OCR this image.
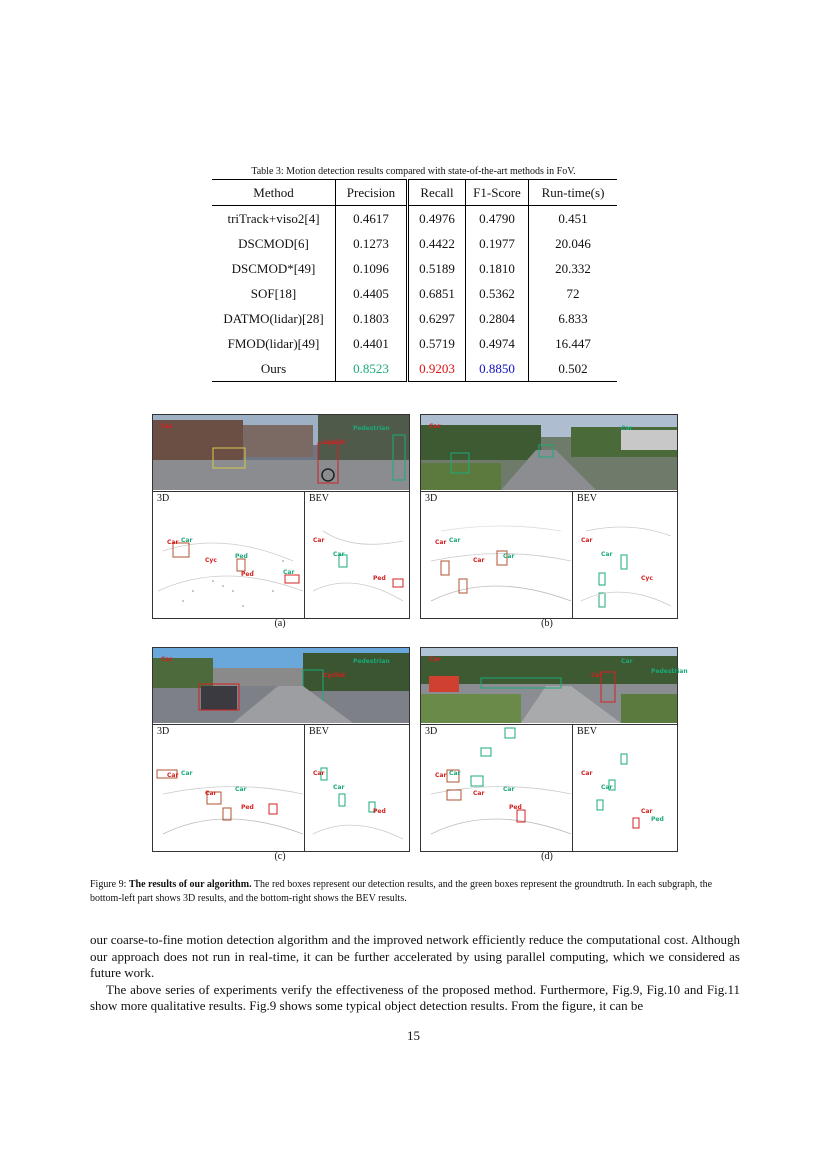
Table 3: Motion detection results compared with state-of-the-art methods in FoV.
Method	Precision	Recall	F1-Score	Run-time(s)
triTrack+viso2[4]	0.4617	0.4976	0.4790	0.451
DSCMOD[6]	0.1273	0.4422	0.1977	20.046
DSCMOD*[49]	0.1096	0.5189	0.1810	20.332
SOF[18]	0.4405	0.6851	0.5362	72
DATMO(lidar)[28]	0.1803	0.6297	0.2804	6.833
FMOD(lidar)[49]	0.4401	0.5719	0.4974	16.447
Ours	0.8523	0.9203	0.8850	0.502
3D	BEV
Car	Pedestrian
Cyclist
Car Car
Cyc
Ped
Ped	Car
Car
Car
Ped
(a)
3D	BEV
Car	Car
Car Car
Car
Car
Car
Car
Cyc
(b)
3D	BEV
Car	Pedestrian
Cyclist
Car Car
Car
Car
Ped
Car
Car
Ped
(c)
3D	BEV
Car	Car
Car
Pedestrian
Car Car
Car
Car
Ped
Car
Car
Car
Ped
(d)
Figure 9: The results of our algorithm. The red boxes represent our detection results, and the green boxes represent the groundtruth. In each subgraph, the bottom-left part shows 3D results, and the bottom-right shows the BEV results.

our coarse-to-fine motion detection algorithm and the improved network efficiently reduce the computational cost. Although our approach does not run in real-time, it can be further accelerated by using parallel computing, which we considered as future work.

The above series of experiments verify the effectiveness of the proposed method. Furthermore, Fig.9, Fig.10 and Fig.11 show more qualitative results. Fig.9 shows some typical object detection results. From the figure, it can be

15
